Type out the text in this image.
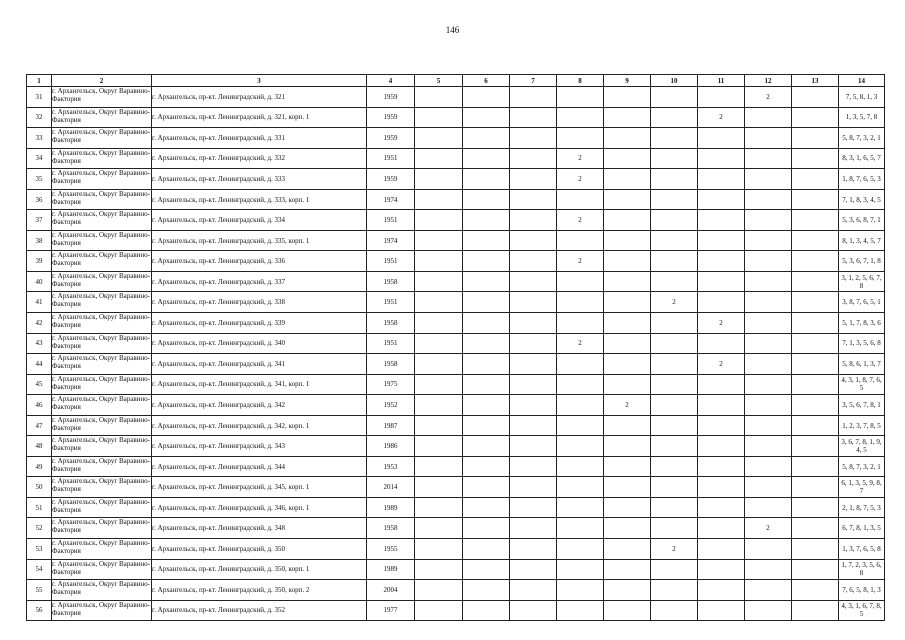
146
1	2	3	4	5	6	7	8	9	10	11	12	13	14
31	г. Архангельск, Округ Варавино-Фактория	г. Архангельск, пр-кт. Ленинградский, д. 321	1959								2		7, 5, 8, 1, 3
32	г. Архангельск, Округ Варавино-Фактория	г. Архангельск, пр-кт. Ленинградский, д. 321, корп. 1	1959							2			1, 3, 5, 7, 8
33	г. Архангельск, Округ Варавино-Фактория	г. Архангельск, пр-кт. Ленинградский, д. 331	1959										5, 8, 7, 3, 2, 1
34	г. Архангельск, Округ Варавино-Фактория	г. Архангельск, пр-кт. Ленинградский, д. 332	1951				2						8, 3, 1, 6, 5, 7
35	г. Архангельск, Округ Варавино-Фактория	г. Архангельск, пр-кт. Ленинградский, д. 333	1959				2						1, 8, 7, 6, 5, 3
36	г. Архангельск, Округ Варавино-Фактория	г. Архангельск, пр-кт. Ленинградский, д. 333, корп. 1	1974										7, 1, 8, 3, 4, 5
37	г. Архангельск, Округ Варавино-Фактория	г. Архангельск, пр-кт. Ленинградский, д. 334	1951				2						5, 3, 6, 8, 7, 1
38	г. Архангельск, Округ Варавино-Фактория	г. Архангельск, пр-кт. Ленинградский, д. 335, корп. 1	1974										8, 1, 3, 4, 5, 7
39	г. Архангельск, Округ Варавино-Фактория	г. Архангельск, пр-кт. Ленинградский, д. 336	1951				2						5, 3, 6, 7, 1, 8
40	г. Архангельск, Округ Варавино-Фактория	г. Архангельск, пр-кт. Ленинградский, д. 337	1958										3, 1, 2, 5, 6, 7, 8
41	г. Архангельск, Округ Варавино-Фактория	г. Архангельск, пр-кт. Ленинградский, д. 338	1951						2				3, 8, 7, 6, 5, 1
42	г. Архангельск, Округ Варавино-Фактория	г. Архангельск, пр-кт. Ленинградский, д. 339	1958							2			5, 1, 7, 8, 3, 6
43	г. Архангельск, Округ Варавино-Фактория	г. Архангельск, пр-кт. Ленинградский, д. 340	1951				2						7, 1, 3, 5, 6, 8
44	г. Архангельск, Округ Варавино-Фактория	г. Архангельск, пр-кт. Ленинградский, д. 341	1958							2			5, 8, 6, 1, 3, 7
45	г. Архангельск, Округ Варавино-Фактория	г. Архангельск, пр-кт. Ленинградский, д. 341, корп. 1	1975										4, 3, 1, 8, 7, 6, 5
46	г. Архангельск, Округ Варавино-Фактория	г. Архангельск, пр-кт. Ленинградский, д. 342	1952					2					3, 5, 6, 7, 8, 1
47	г. Архангельск, Округ Варавино-Фактория	г. Архангельск, пр-кт. Ленинградский, д. 342, корп. 1	1987										1, 2, 3, 7, 8, 5
48	г. Архангельск, Округ Варавино-Фактория	г. Архангельск, пр-кт. Ленинградский, д. 343	1986										3, 6, 7, 8, 1, 9, 4, 5
49	г. Архангельск, Округ Варавино-Фактория	г. Архангельск, пр-кт. Ленинградский, д. 344	1953										5, 8, 7, 3, 2, 1
50	г. Архангельск, Округ Варавино-Фактория	г. Архангельск, пр-кт. Ленинградский, д. 345, корп. 1	2014										6, 1, 3, 5, 9, 8, 7
51	г. Архангельск, Округ Варавино-Фактория	г. Архангельск, пр-кт. Ленинградский, д. 346, корп. 1	1989										2, 1, 8, 7, 5, 3
52	г. Архангельск, Округ Варавино-Фактория	г. Архангельск, пр-кт. Ленинградский, д. 348	1958								2		6, 7, 8, 1, 3, 5
53	г. Архангельск, Округ Варавино-Фактория	г. Архангельск, пр-кт. Ленинградский, д. 350	1955						2				1, 3, 7, 6, 5, 8
54	г. Архангельск, Округ Варавино-Фактория	г. Архангельск, пр-кт. Ленинградский, д. 350, корп. 1	1989										1, 7, 2, 3, 5, 6, 8
55	г. Архангельск, Округ Варавино-Фактория	г. Архангельск, пр-кт. Ленинградский, д. 350, корп. 2	2004										7, 6, 5, 8, 1, 3
56	г. Архангельск, Округ Варавино-Фактория	г. Архангельск, пр-кт. Ленинградский, д. 352	1977										4, 3, 1, 6, 7, 8, 5
